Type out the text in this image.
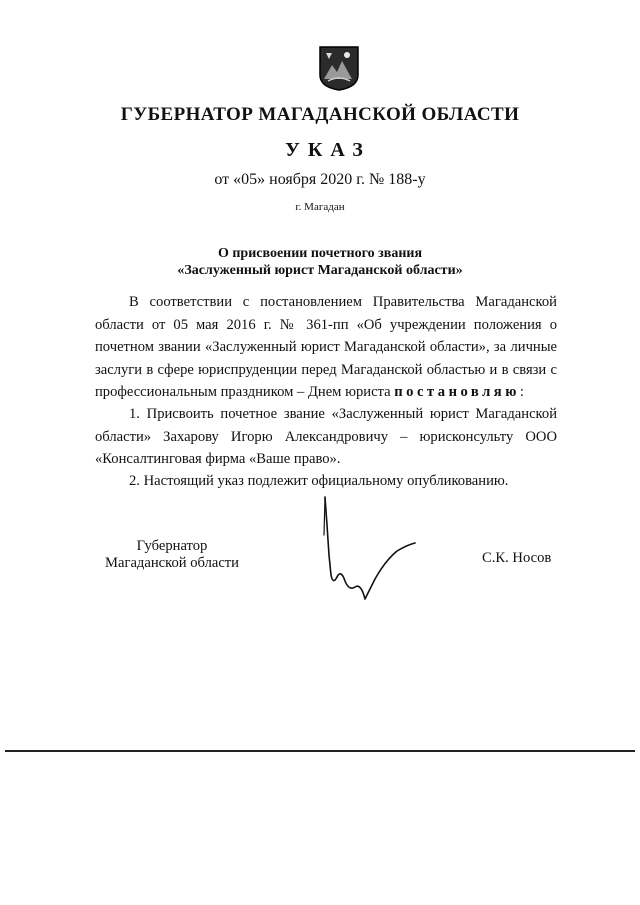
ГУБЕРНАТОР МАГАДАНСКОЙ ОБЛАСТИ
УКАЗ
от «05» ноября 2020 г. № 188-у
г. Магадан
О присвоении почетного звания
«Заслуженный юрист Магаданской области»

В соответствии с постановлением Правительства Магаданской области от 05 мая 2016 г. № 361-пп «Об учреждении положения о почетном звании «Заслуженный юрист Магаданской области», за личные заслуги в сфере юриспруденции перед Магаданской областью и в связи с профессиональным праздником – Днем юриста постановляю:

1. Присвоить почетное звание «Заслуженный юрист Магаданской области» Захарову Игорю Александровичу – юрисконсульту ООО «Консалтинговая фирма «Ваше право».

2. Настоящий указ подлежит официальному опубликованию.

Губернатор
Магаданской области	С.К. Носов
